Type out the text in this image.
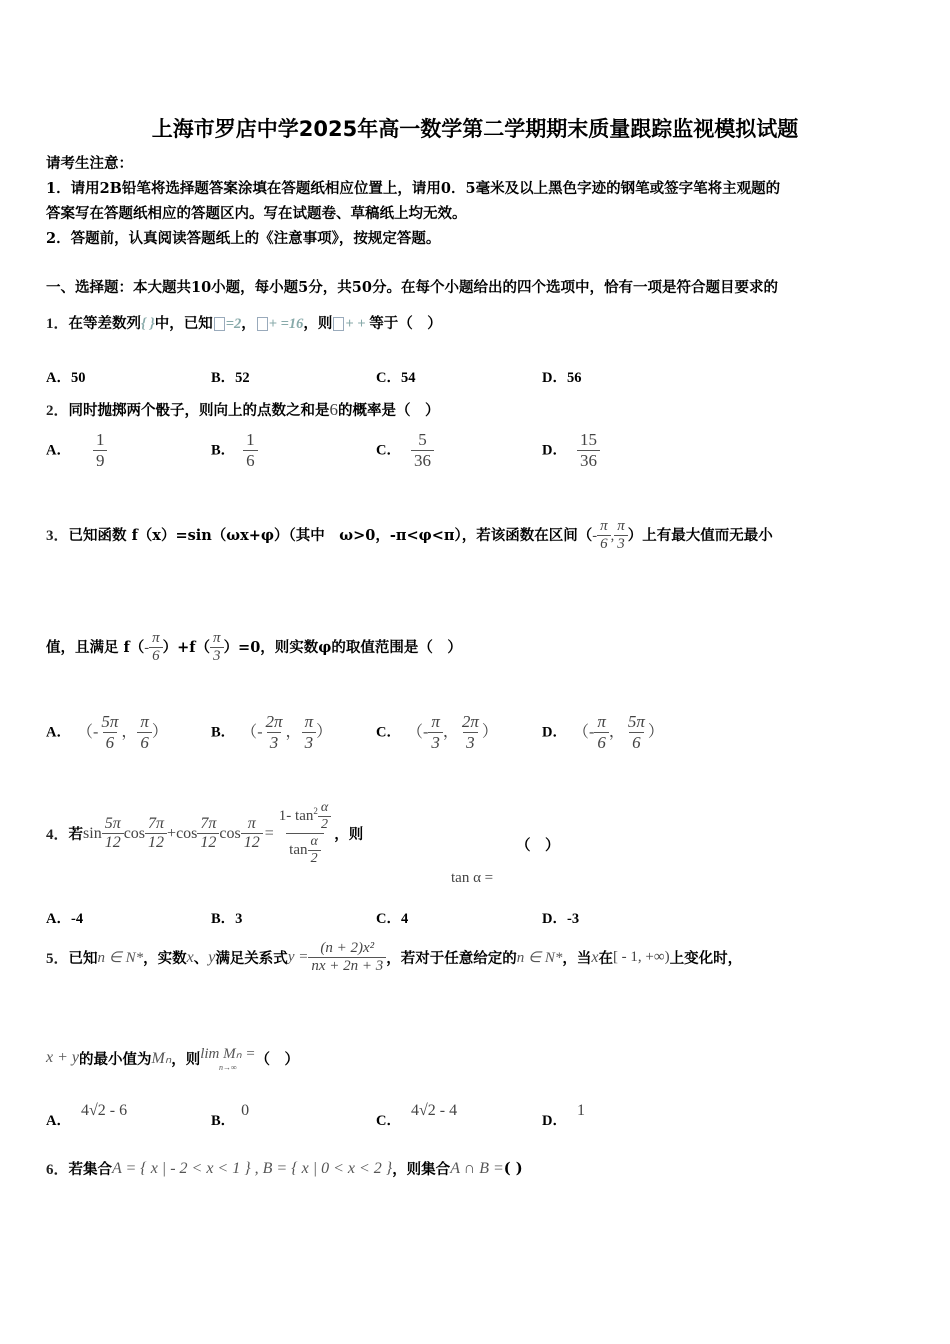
上海市罗店中学2025年高一数学第二学期期末质量跟踪监视模拟试题
请考生注意：
1．请用2B铅笔将选择题答案涂填在答题纸相应位置上，请用0．5毫米及以上黑色字迹的钢笔或签字笔将主观题的
答案写在答题纸相应的答题区内。写在试题卷、草稿纸上均无效。
2．答题前，认真阅读答题纸上的《注意事项》，按规定答题。
一、选择题：本大题共10小题，每小题5分，共50分。在每个小题给出的四个选项中，恰有一项是符合题目要求的
1．在等差数列{ }中，已知 =2， + =16，则 + + 等于（　）
A．50	B．52	C．54	D．56
2．同时抛掷两个骰子，则向上的点数之和是6的概率是（　）
A． $\frac{1}{9}$	B． $\frac{1}{6}$	C． $\frac{5}{36}$	D． $\frac{15}{36}$
3．已知函数 f（x）=sin（ωx+φ）（其中　ω>0，-π<φ<π），若该函数在区间（- $\frac{\pi}{6}$ , $\frac{\pi}{3}$ ）上有最大值而无最小
值，且满足 $f(- \frac{\pi}{6} )+f( \frac{\pi}{3} )=0$，则实数φ的取值范围是（　）
A． （- $\frac{5\pi}{6}$ ， $\frac{\pi}{6}$ ）	B． （- $\frac{2\pi}{3}$ ， $\frac{\pi}{3}$ ）	C． （- $\frac{\pi}{3}$ ， $\frac{2\pi}{3}$ ）	D． （- $\frac{\pi}{6}$ ， $\frac{5\pi}{6}$ ）
4． 若 $\sin \frac{5\pi}{12}$ $\cos \frac{7\pi}{12} + \cos \frac{7\pi}{12}$ $\cos \frac{\pi}{12} = \frac{1- \tan^2 \frac{\alpha}{2}}{\tan \frac{\alpha}{2}}$ ，则
（　）
tan α =
A．-4	B．3	C．4	D．-3
5． 已知 n ∈ N* ，实数 x 、 y 满足关系式 $y = \frac{\text{(n + 2)x²}}{nx + 2n + 3}$ ，若对于任意给定的 n ∈ N* ，当 x 在 [ - 1, +∞) 上变化时，
x + y 的最小值为 Mₙ ，则 lim Mₙ =
n→∞ （　）
A．4√2 - 6
B．0
C．4√2 - 4
D．1
6． 若集合 A = { x | - 2 < x < 1 } , B = { x | 0 < x < 2 } ，则集合 A ∩ B = ( )
